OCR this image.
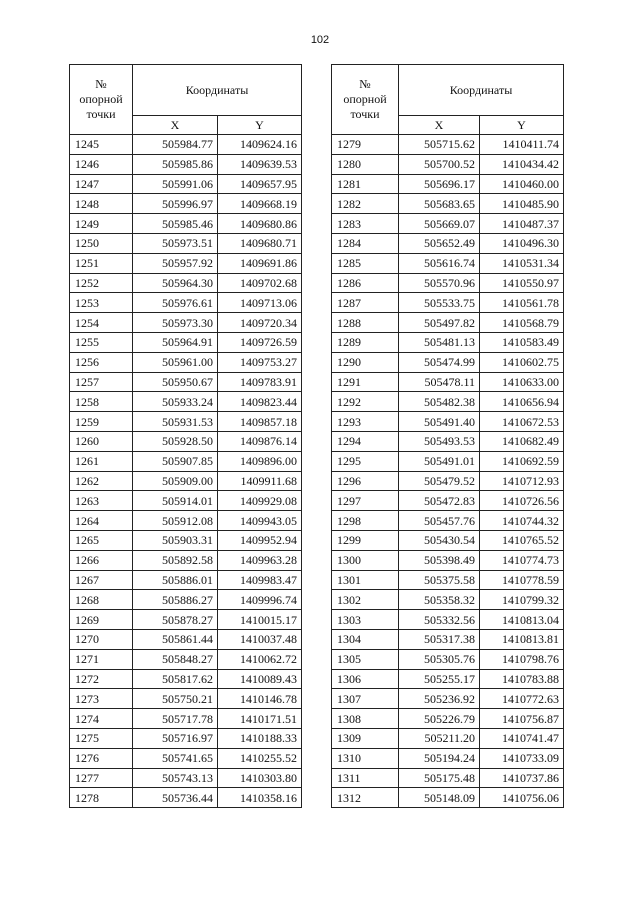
102
№
опорной
точки	Координаты	
	X	Y
1245	505984.77	1409624.16
1246	505985.86	1409639.53
1247	505991.06	1409657.95
1248	505996.97	1409668.19
1249	505985.46	1409680.86
1250	505973.51	1409680.71
1251	505957.92	1409691.86
1252	505964.30	1409702.68
1253	505976.61	1409713.06
1254	505973.30	1409720.34
1255	505964.91	1409726.59
1256	505961.00	1409753.27
1257	505950.67	1409783.91
1258	505933.24	1409823.44
1259	505931.53	1409857.18
1260	505928.50	1409876.14
1261	505907.85	1409896.00
1262	505909.00	1409911.68
1263	505914.01	1409929.08
1264	505912.08	1409943.05
1265	505903.31	1409952.94
1266	505892.58	1409963.28
1267	505886.01	1409983.47
1268	505886.27	1409996.74
1269	505878.27	1410015.17
1270	505861.44	1410037.48
1271	505848.27	1410062.72
1272	505817.62	1410089.43
1273	505750.21	1410146.78
1274	505717.78	1410171.51
1275	505716.97	1410188.33
1276	505741.65	1410255.52
1277	505743.13	1410303.80
1278	505736.44	1410358.16
№
опорной
точки	Координаты	
	X	Y
1279	505715.62	1410411.74
1280	505700.52	1410434.42
1281	505696.17	1410460.00
1282	505683.65	1410485.90
1283	505669.07	1410487.37
1284	505652.49	1410496.30
1285	505616.74	1410531.34
1286	505570.96	1410550.97
1287	505533.75	1410561.78
1288	505497.82	1410568.79
1289	505481.13	1410583.49
1290	505474.99	1410602.75
1291	505478.11	1410633.00
1292	505482.38	1410656.94
1293	505491.40	1410672.53
1294	505493.53	1410682.49
1295	505491.01	1410692.59
1296	505479.52	1410712.93
1297	505472.83	1410726.56
1298	505457.76	1410744.32
1299	505430.54	1410765.52
1300	505398.49	1410774.73
1301	505375.58	1410778.59
1302	505358.32	1410799.32
1303	505332.56	1410813.04
1304	505317.38	1410813.81
1305	505305.76	1410798.76
1306	505255.17	1410783.88
1307	505236.92	1410772.63
1308	505226.79	1410756.87
1309	505211.20	1410741.47
1310	505194.24	1410733.09
1311	505175.48	1410737.86
1312	505148.09	1410756.06
